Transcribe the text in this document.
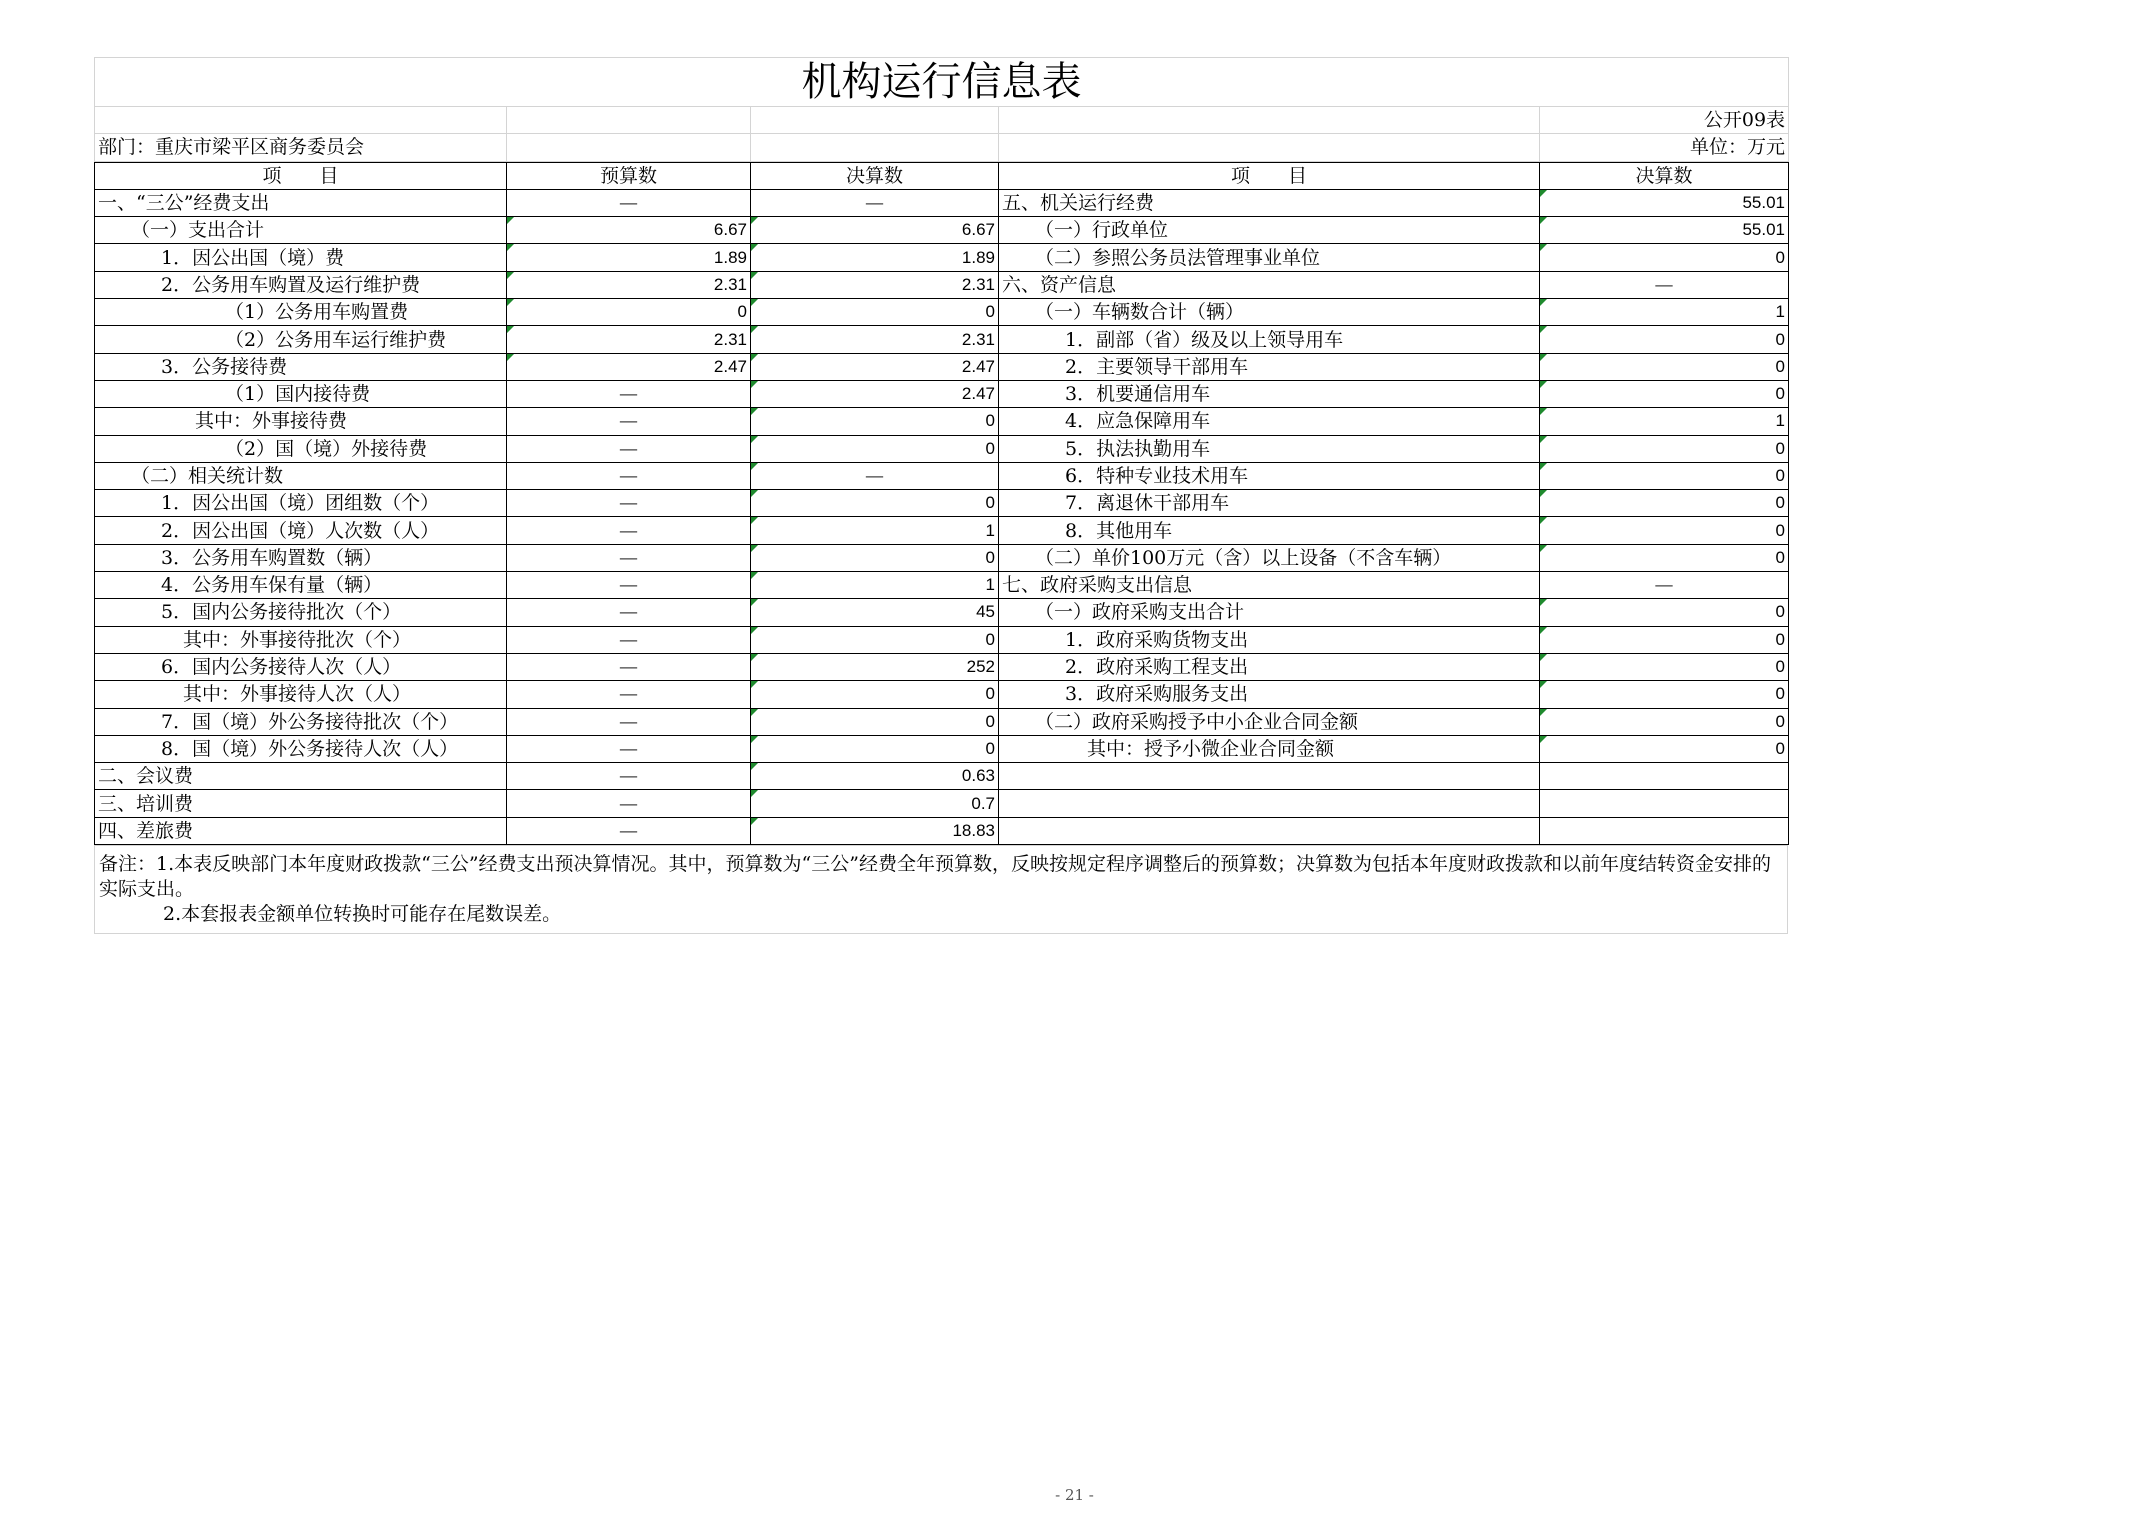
机构运行信息表				
				公开09表
部门：重庆市梁平区商务委员会				单位：万元
项　　目	预算数	决算数	项　　目	决算数
一、“三公”经费支出	—	—	五、机关运行经费	55.01
（一）支出合计	6.67	6.67	（一）行政单位	55.01
1．因公出国（境）费	1.89	1.89	（二）参照公务员法管理事业单位	0
2．公务用车购置及运行维护费	2.31	2.31	六、资产信息	—
（1）公务用车购置费	0	0	（一）车辆数合计（辆）	1
（2）公务用车运行维护费	2.31	2.31	1．副部（省）级及以上领导用车	0
3．公务接待费	2.47	2.47	2．主要领导干部用车	0
（1）国内接待费	—	2.47	3．机要通信用车	0
其中：外事接待费	—	0	4．应急保障用车	1
（2）国（境）外接待费	—	0	5．执法执勤用车	0
（二）相关统计数	—	—	6．特种专业技术用车	0
1．因公出国（境）团组数（个）	—	0	7．离退休干部用车	0
2．因公出国（境）人次数（人）	—	1	8．其他用车	0
3．公务用车购置数（辆）	—	0	（二）单价100万元（含）以上设备（不含车辆）	0
4．公务用车保有量（辆）	—	1	七、政府采购支出信息	—
5．国内公务接待批次（个）	—	45	（一）政府采购支出合计	0
其中：外事接待批次（个）	—	0	1．政府采购货物支出	0
6．国内公务接待人次（人）	—	252	2．政府采购工程支出	0
其中：外事接待人次（人）	—	0	3．政府采购服务支出	0
7．国（境）外公务接待批次（个）	—	0	（二）政府采购授予中小企业合同金额	0
8．国（境）外公务接待人次（人）	—	0	其中：授予小微企业合同金额	0
二、会议费	—	0.63		
三、培训费	—	0.7		
四、差旅费	—	18.83		
备注：1.本表反映部门本年度财政拨款“三公”经费支出预决算情况。其中，预算数为“三公”经费全年预算数，反映按规定程序调整后的预算数；决算数为包括本年度财政拨款和以前年度结转资金安排的实际支出。
2.本套报表金额单位转换时可能存在尾数误差。
- 21 -
